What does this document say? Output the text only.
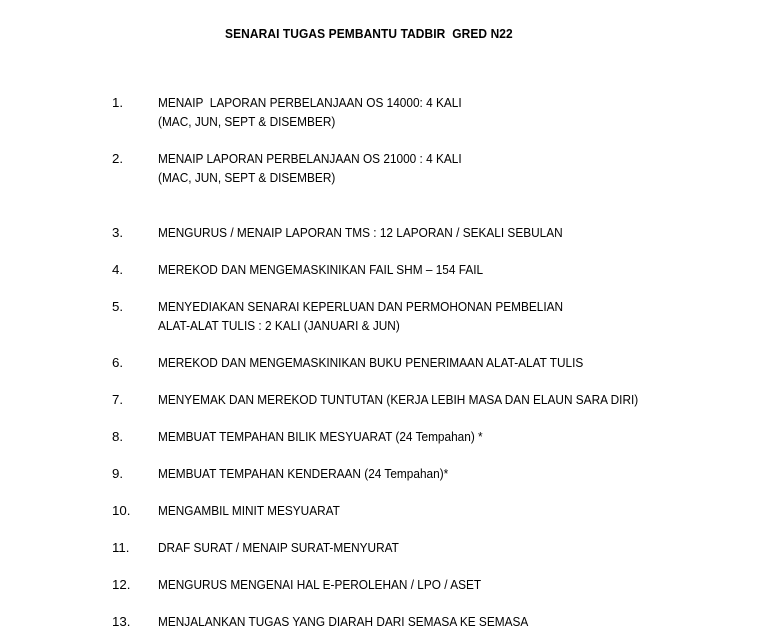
SENARAI TUGAS PEMBANTU TADBIR  GRED N22
1.	MENAIP  LAPORAN PERBELANJAAN OS 14000: 4 KALI
(MAC, JUN, SEPT & DISEMBER)
2.	MENAIP LAPORAN PERBELANJAAN OS 21000 : 4 KALI
(MAC, JUN, SEPT & DISEMBER)
3.	MENGURUS / MENAIP LAPORAN TMS : 12 LAPORAN / SEKALI SEBULAN
4.	MEREKOD DAN MENGEMASKINIKAN FAIL SHM – 154 FAIL
5.	MENYEDIAKAN SENARAI KEPERLUAN DAN PERMOHONAN PEMBELIAN
ALAT-ALAT TULIS : 2 KALI (JANUARI & JUN)
6.	MEREKOD DAN MENGEMASKINIKAN BUKU PENERIMAAN ALAT-ALAT TULIS
7.	MENYEMAK DAN MEREKOD TUNTUTAN (KERJA LEBIH MASA DAN ELAUN SARA DIRI)
8.	MEMBUAT TEMPAHAN BILIK MESYUARAT (24 Tempahan) *
9.	MEMBUAT TEMPAHAN KENDERAAN (24 Tempahan)*
10. MENGAMBIL MINIT MESYUARAT
11. DRAF SURAT / MENAIP SURAT-MENYURAT
12. MENGURUS MENGENAI HAL E-PEROLEHAN / LPO / ASET
13. MENJALANKAN TUGAS YANG DIARAH DARI SEMASA KE SEMASA
